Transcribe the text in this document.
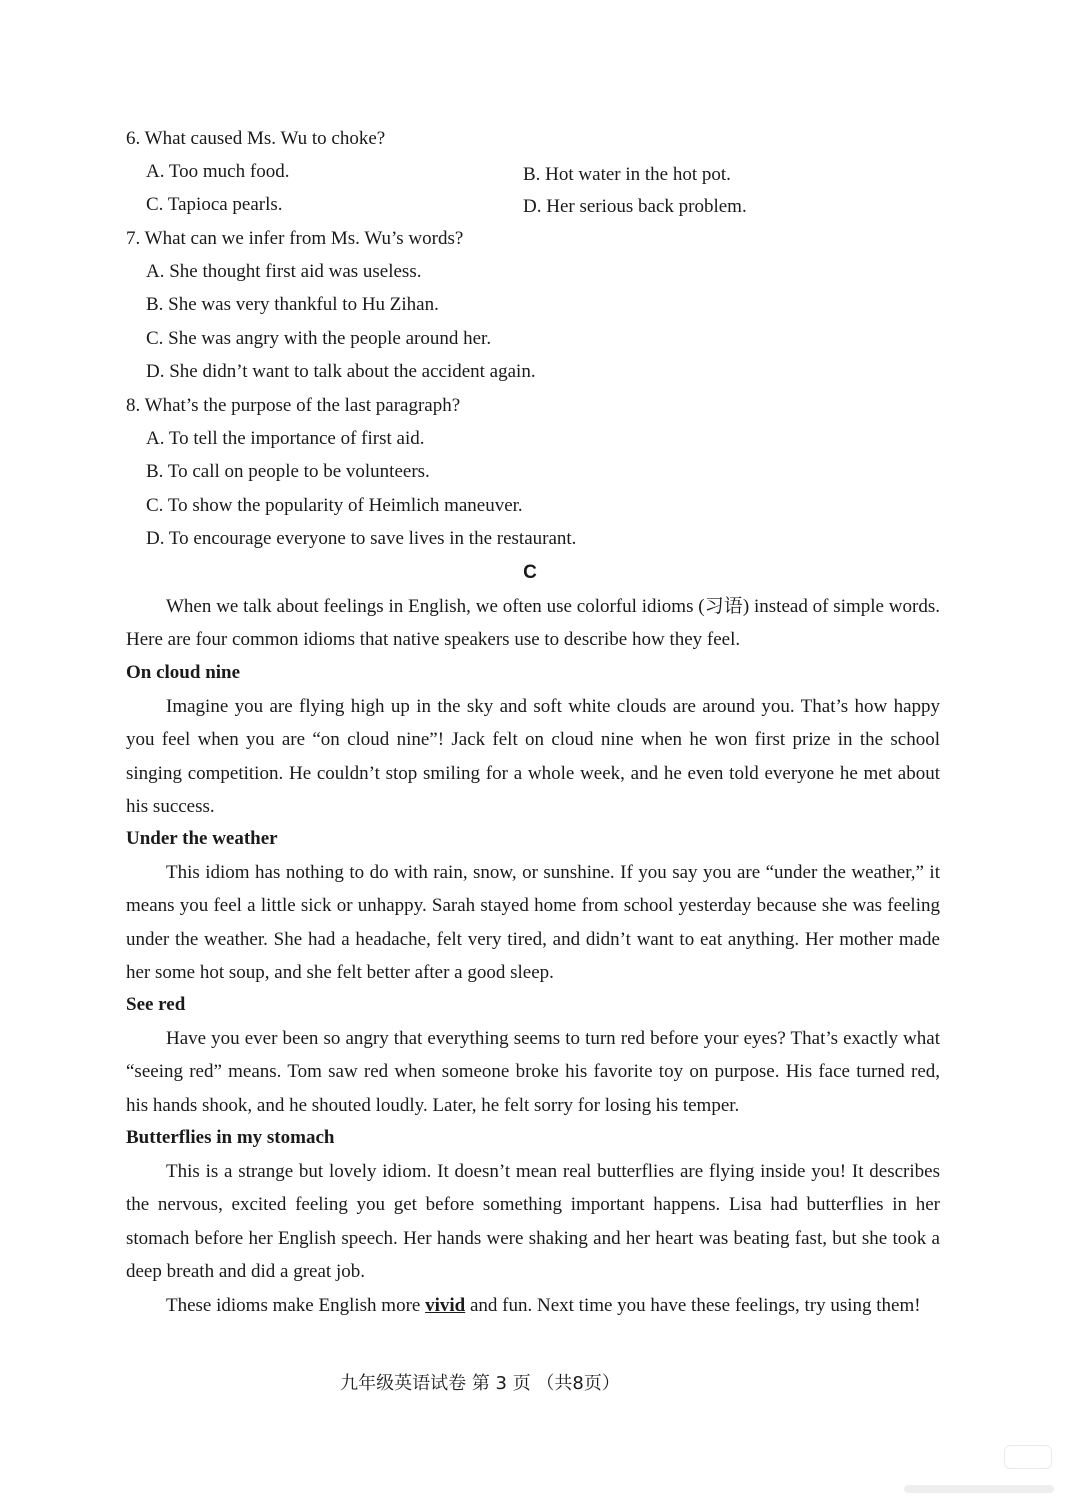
6. What caused Ms. Wu to choke?
A. Too much food.	B. Hot water in the hot pot.
C. Tapioca pearls.	D. Her serious back problem.
7. What can we infer from Ms. Wu’s words?
A. She thought first aid was useless.
B. She was very thankful to Hu Zihan.
C. She was angry with the people around her.
D. She didn’t want to talk about the accident again.
8. What’s the purpose of the last paragraph?
A. To tell the importance of first aid.
B. To call on people to be volunteers.
C. To show the popularity of Heimlich maneuver.
D. To encourage everyone to save lives in the restaurant.
C
When we talk about feelings in English, we often use colorful idioms (习语) instead of simple words. Here are four common idioms that native speakers use to describe how they feel.
On cloud nine
Imagine you are flying high up in the sky and soft white clouds are around you. That’s how happy you feel when you are “on cloud nine”! Jack felt on cloud nine when he won first prize in the school singing competition. He couldn’t stop smiling for a whole week, and he even told everyone he met about his success.
Under the weather
This idiom has nothing to do with rain, snow, or sunshine. If you say you are “under the weather,” it means you feel a little sick or unhappy. Sarah stayed home from school yesterday because she was feeling under the weather. She had a headache, felt very tired, and didn’t want to eat anything. Her mother made her some hot soup, and she felt better after a good sleep.
See red
Have you ever been so angry that everything seems to turn red before your eyes? That’s exactly what “seeing red” means. Tom saw red when someone broke his favorite toy on purpose. His face turned red, his hands shook, and he shouted loudly. Later, he felt sorry for losing his temper.
Butterflies in my stomach
This is a strange but lovely idiom. It doesn’t mean real butterflies are flying inside you! It describes the nervous, excited feeling you get before something important happens. Lisa had butterflies in her stomach before her English speech. Her hands were shaking and her heart was beating fast, but she took a deep breath and did a great job.
These idioms make English more vivid and fun. Next time you have these feelings, try using them!
九年级英语试卷 第 3 页 （共8页）
